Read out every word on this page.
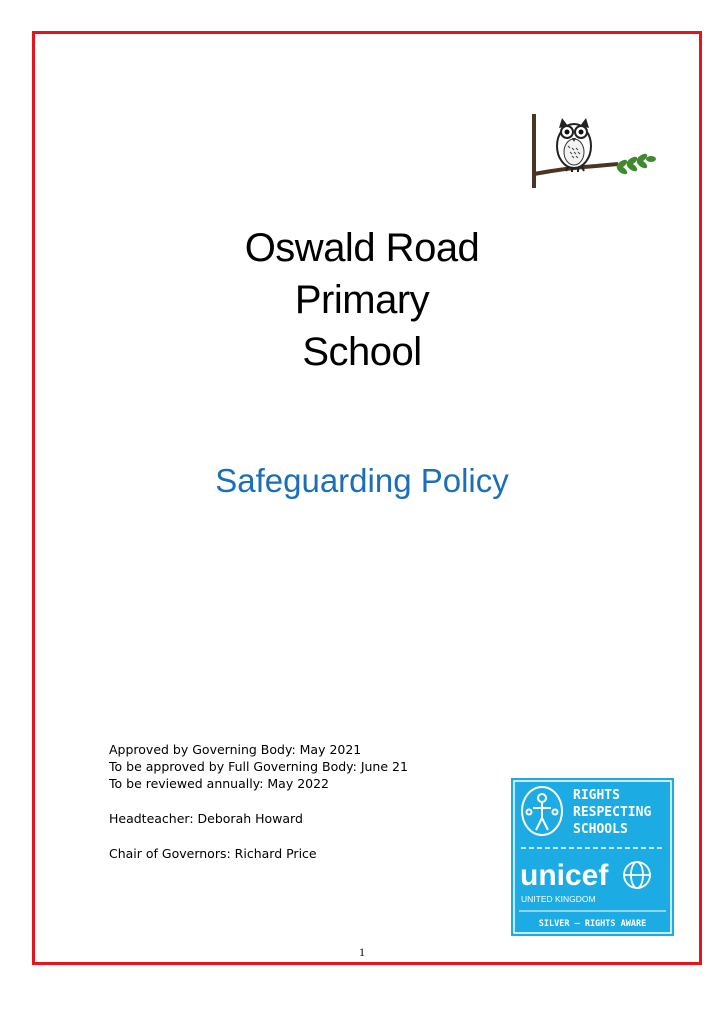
Oswald Road
Primary
School
Safeguarding Policy
Approved by Governing Body: May 2021
To be approved by Full Governing Body: June 21
To be reviewed annually: May 2022
Headteacher: Deborah Howard
Chair of Governors: Richard Price
RIGHTS
RESPECTING
SCHOOLS
unicef
UNITED KINGDOM
SILVER – RIGHTS AWARE
1
